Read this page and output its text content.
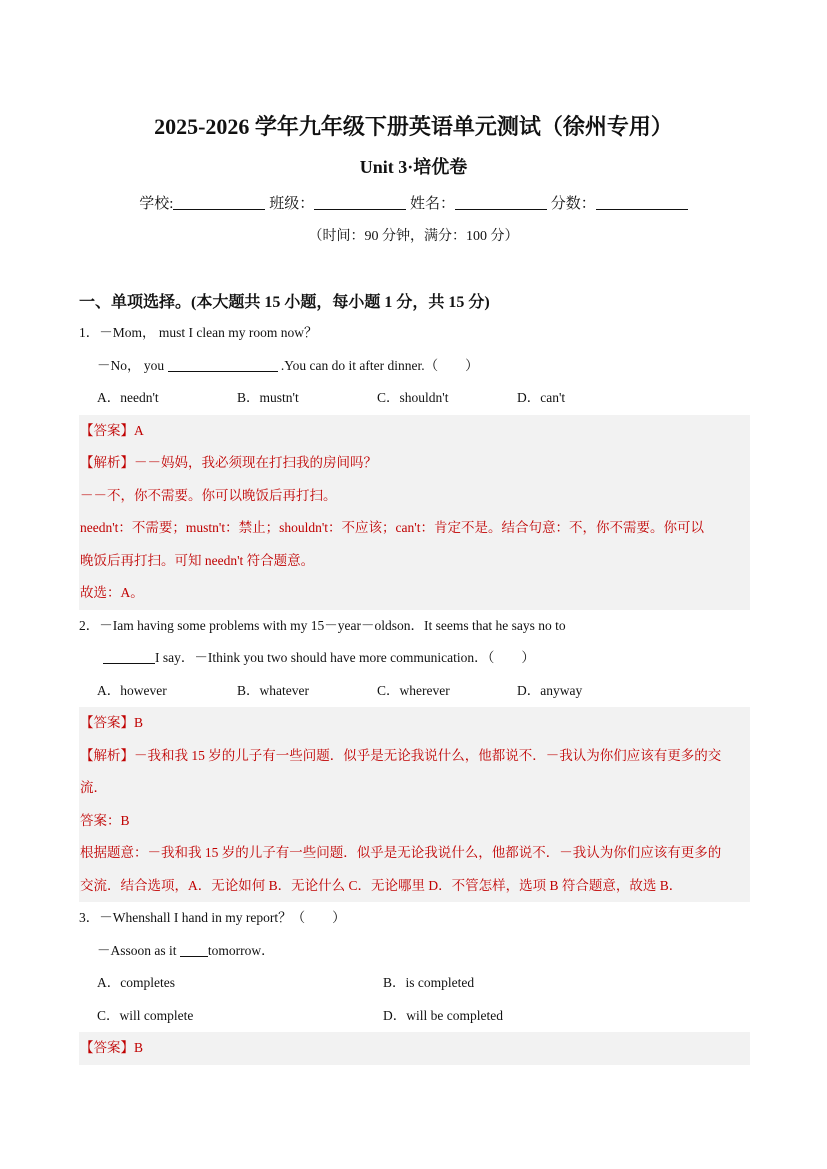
2025-2026 学年九年级下册英语单元测试（徐州专用）
Unit 3·培优卷
学校:	班级：	姓名：	分数：
（时间：90 分钟，满分：100 分）
一、单项选择。(本大题共 15 小题，每小题 1 分，共 15 分)
1．－Mom， must I clean my room now？
－No， you	.You can do it after dinner.（　　）
A．needn't	B．mustn't	C．shouldn't	D．can't
【答案】A
【解析】－－妈妈，我必须现在打扫我的房间吗？
－－不，你不需要。你可以晚饭后再打扫。
needn't：不需要；mustn't：禁止；shouldn't：不应该；can't：肯定不是。结合句意：不，你不需要。你可以
晚饭后再打扫。可知 needn't 符合题意。
故选：A。
2．－Iam having some problems with my 15－year－oldson．It seems that he says no to
I say．－Ithink you two should have more communication．（　　）
A．however	B．whatever	C．wherever	D．anyway
【答案】B
【解析】－我和我 15 岁的儿子有一些问题．似乎是无论我说什么，他都说不．－我认为你们应该有更多的交
流．
答案：B
根据题意：－我和我 15 岁的儿子有一些问题．似乎是无论我说什么，他都说不．－我认为你们应该有更多的
交流．结合选项，A．无论如何 B．无论什么 C．无论哪里 D．不管怎样，选项 B 符合题意，故选 B．
3．－Whenshall I hand in my report？（　　）
－Assoon as it tomorrow．
A．completes	B．is completed
C．will complete	D．will be completed
【答案】B
